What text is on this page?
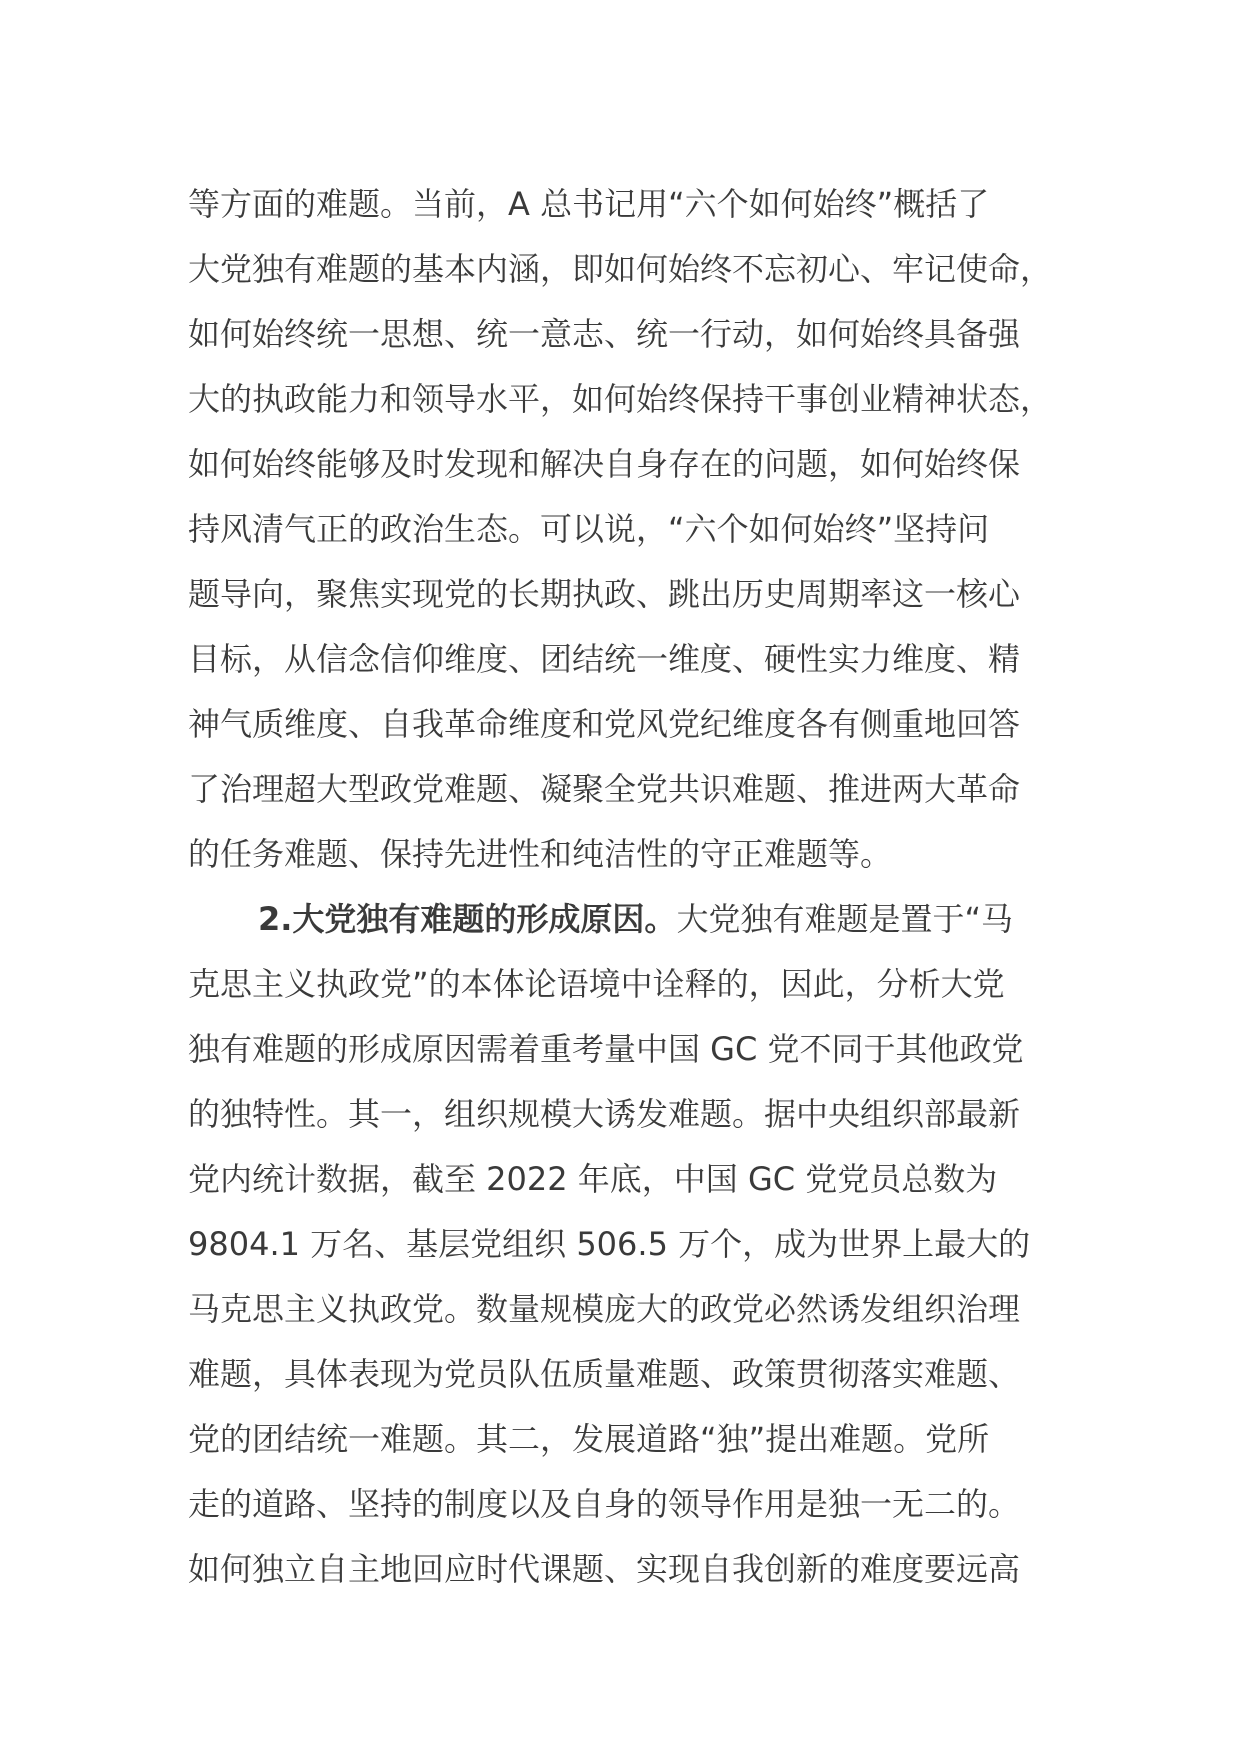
等方面的难题。当前，A 总书记用“六个如何始终”概括了
大党独有难题的基本内涵，即如何始终不忘初心、牢记使命，
如何始终统一思想、统一意志、统一行动，如何始终具备强
大的执政能力和领导水平，如何始终保持干事创业精神状态，
如何始终能够及时发现和解决自身存在的问题，如何始终保
持风清气正的政治生态。可以说，“六个如何始终”坚持问
题导向，聚焦实现党的长期执政、跳出历史周期率这一核心
目标，从信念信仰维度、团结统一维度、硬性实力维度、精
神气质维度、自我革命维度和党风党纪维度各有侧重地回答
了治理超大型政党难题、凝聚全党共识难题、推进两大革命
的任务难题、保持先进性和纯洁性的守正难题等。
2.大党独有难题的形成原因。大党独有难题是置于“马
克思主义执政党”的本体论语境中诠释的，因此，分析大党
独有难题的形成原因需着重考量中国 GC 党不同于其他政党
的独特性。其一，组织规模大诱发难题。据中央组织部最新
党内统计数据，截至 2022 年底，中国 GC 党党员总数为
9804.1 万名、基层党组织 506.5 万个，成为世界上最大的
马克思主义执政党。数量规模庞大的政党必然诱发组织治理
难题，具体表现为党员队伍质量难题、政策贯彻落实难题、
党的团结统一难题。其二，发展道路“独”提出难题。党所
走的道路、坚持的制度以及自身的领导作用是独一无二的。
如何独立自主地回应时代课题、实现自我创新的难度要远高
